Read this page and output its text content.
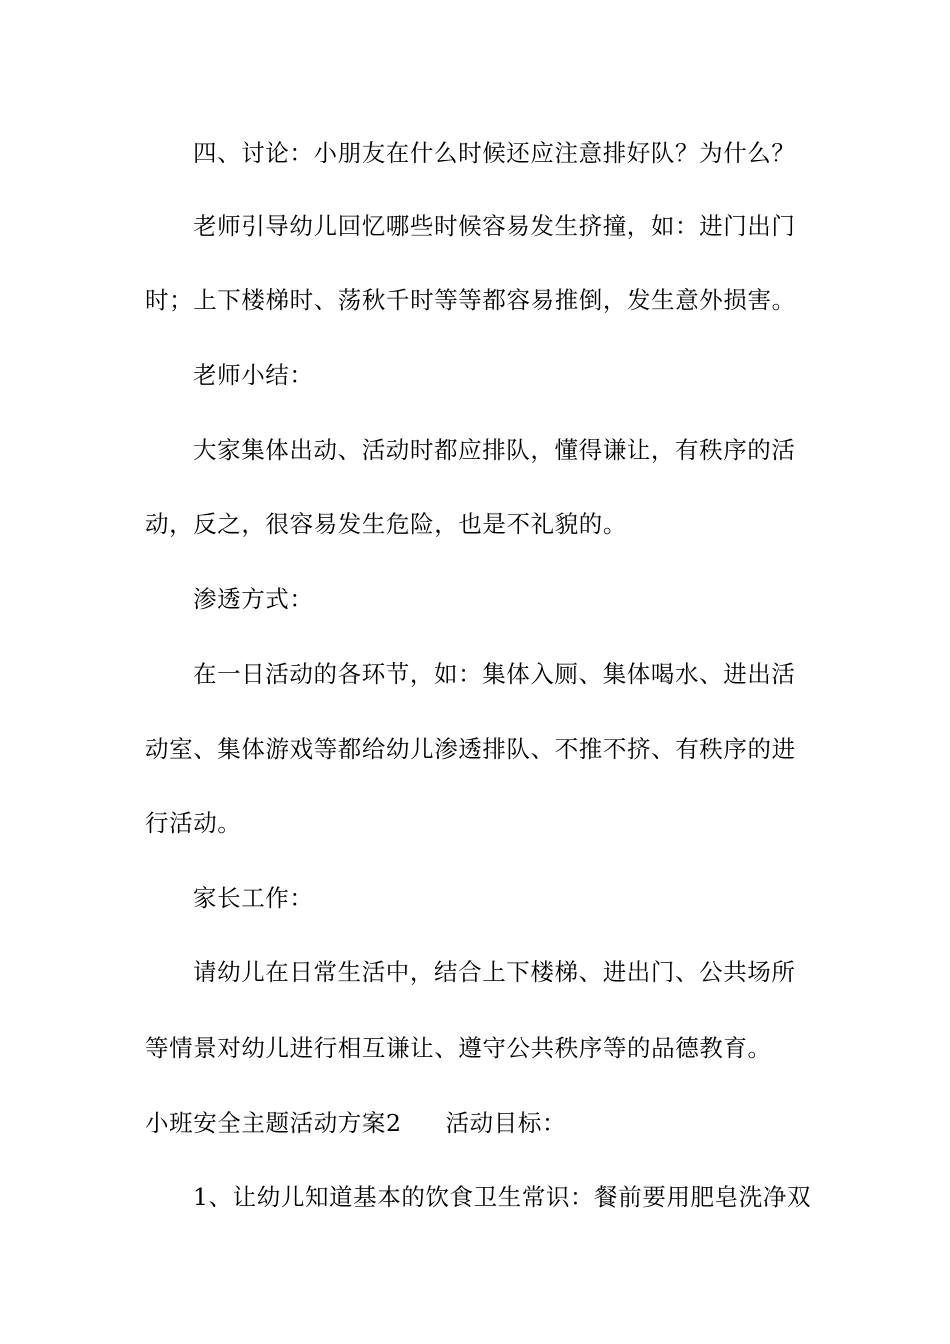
四、讨论：小朋友在什么时候还应注意排好队？为什么？
老师引导幼儿回忆哪些时候容易发生挤撞，如：进门出门
时；上下楼梯时、荡秋千时等等都容易推倒，发生意外损害。
老师小结：
大家集体出动、活动时都应排队，懂得谦让，有秩序的活
动，反之，很容易发生危险，也是不礼貌的。
渗透方式：
在一日活动的各环节，如：集体入厕、集体喝水、进出活
动室、集体游戏等都给幼儿渗透排队、不推不挤、有秩序的进
行活动。
家长工作：
请幼儿在日常生活中，结合上下楼梯、进出门、公共场所
等情景对幼儿进行相互谦让、遵守公共秩序等的品德教育。
小班安全主题活动方案2 活动目标：
1、让幼儿知道基本的饮食卫生常识：餐前要用肥皂洗净双
